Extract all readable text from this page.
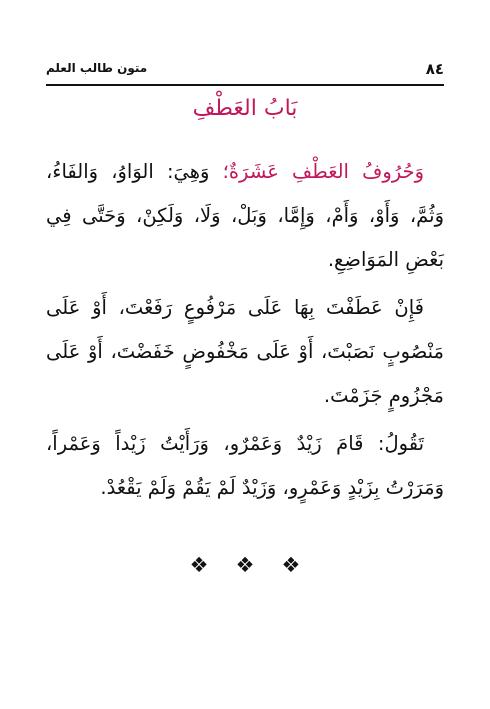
٨٤
متون طالب العلم
بَابُ العَطْفِ

وَحُرُوفُ العَطْفِ عَشَرَةٌ؛ وَهِيَ: الوَاوُ، وَالفَاءُ، وَثُمَّ، وَأَوْ، وَأَمْ، وَإِمَّا، وَبَلْ، وَلَا، وَلَكِنْ، وَحَتَّى فِي بَعْضِ المَوَاضِعِ.

فَإِنْ عَطَفْتَ بِهَا عَلَى مَرْفُوعٍ رَفَعْتَ، أَوْ عَلَى مَنْصُوبٍ نَصَبْتَ، أَوْ عَلَى مَخْفُوضٍ خَفَضْتَ، أَوْ عَلَى مَجْزُومٍ جَزَمْتَ.

تَقُولُ: قَامَ زَيْدٌ وَعَمْرٌو، وَرَأَيْتُ زَيْداً وَعَمْراً، وَمَرَرْتُ بِزَيْدٍ وَعَمْرٍو، وَزَيْدٌ لَمْ يَقُمْ وَلَمْ يَقْعُدْ.

❖ ❖ ❖
